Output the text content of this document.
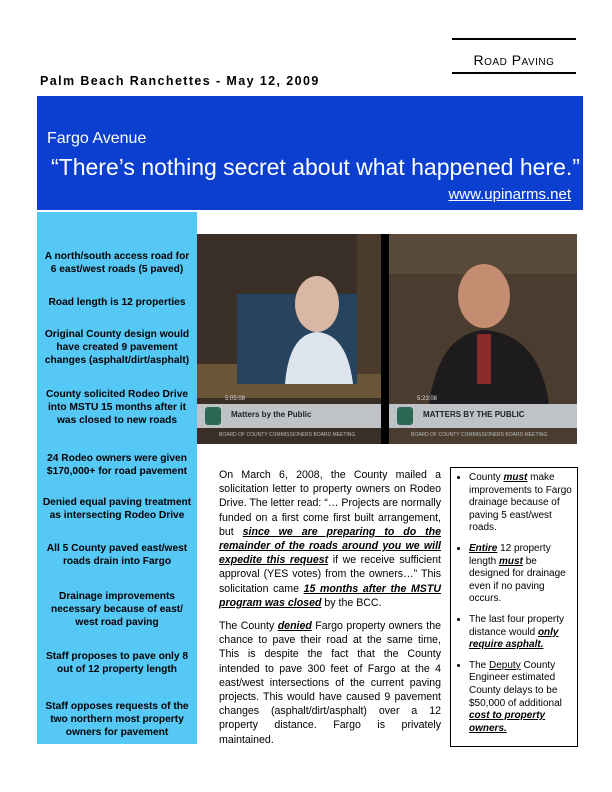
Road Paving
Palm Beach Ranchettes - May 12, 2009
Fargo Avenue
“There’s nothing secret about what happened here.”
www.upinarms.net
A north/south access road for 6 east/west roads (5 paved)
Road length is 12 properties
Original County design would have created 9 pavement changes (asphalt/dirt/asphalt)
County solicited Rodeo Drive into MSTU 15 months after it was closed to new roads
24 Rodeo owners were given $170,000+ for road pavement
Denied equal paving treatment as intersecting Rodeo Drive
All 5 County paved east/west roads drain into Fargo
Drainage improvements necessary because of east/ west road paving
Staff proposes to pave only 8 out of 12 property length
Staff opposes requests of the two northern most property owners for pavement
5:05:08
Matters by the Public
BOARD OF COUNTY COMMISSIONERS BOARD MEETING
5:23:08
MATTERS BY THE PUBLIC
BOARD OF COUNTY COMMISSIONERS BOARD MEETING

On March 6, 2008, the County mailed a solicitation letter to property owners on Rodeo Drive. The letter read: “… Projects are normally funded on a first come first built arrangement, but since we are preparing to do the remainder of the roads around you we will expedite this request if we receive sufficient approval (YES votes) from the owners…” This solicitation came 15 months after the MSTU program was closed by the BCC.

The County denied Fargo property owners the chance to pave their road at the same time, This is despite the fact that the County intended to pave 300 feet of Fargo at the 4 east/west intersections of the current paving projects. This would have caused 9 pavement changes (asphalt/dirt/asphalt) over a 12 property distance. Fargo is privately maintained.

• County must make improvements to Fargo drainage because of paving 5 east/west roads.
• Entire 12 property length must be designed for drainage even if no paving occurs.
• The last four property distance would only require asphalt.
• The Deputy County Engineer estimated County delays to be $50,000 of additional cost to property owners.
